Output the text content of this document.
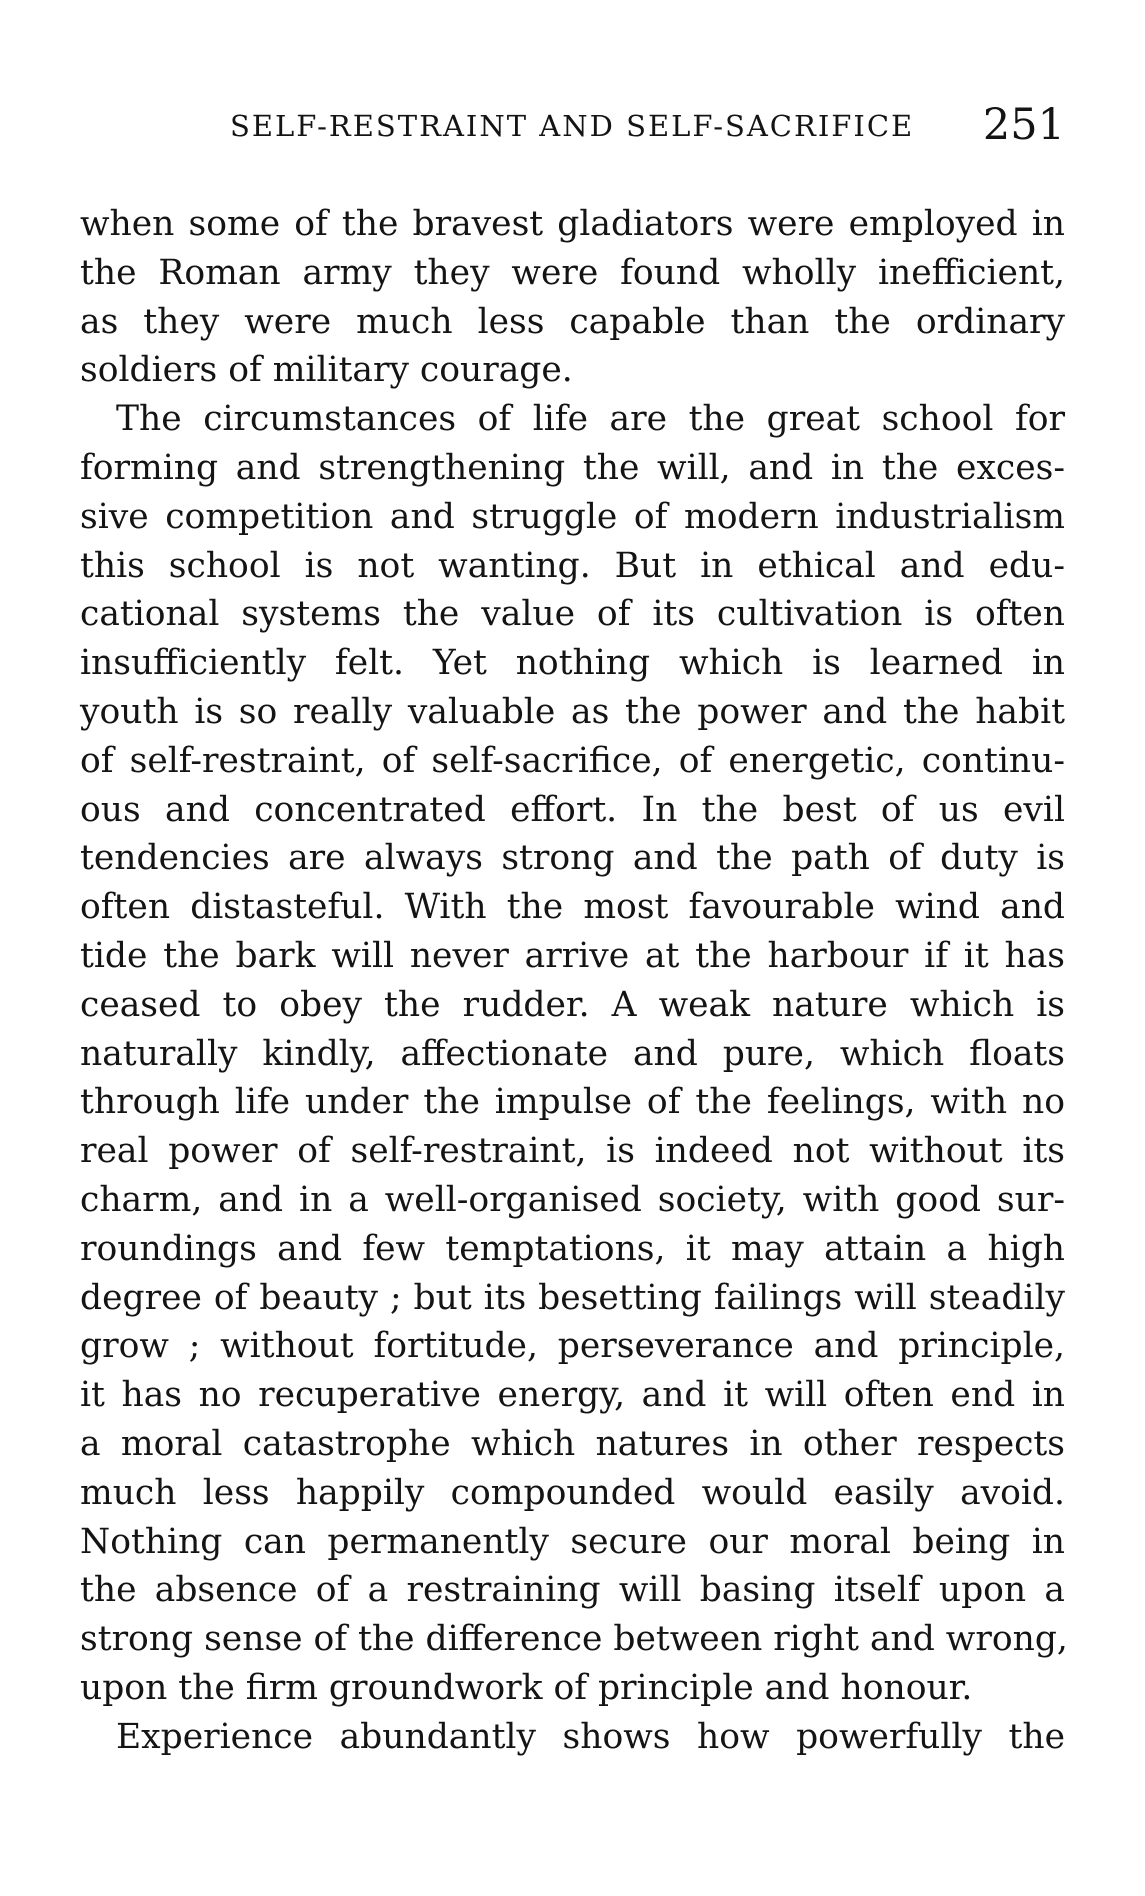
SELF-RESTRAINT AND SELF-SACRIFICE 251

when some of the bravest gladiators were employed in
the Roman army they were found wholly inefficient,
as they were much less capable than the ordinary
soldiers of military courage.

The circumstances of life are the great school for
forming and strengthening the will, and in the exces-
sive competition and struggle of modern industrialism
this school is not wanting. But in ethical and edu-
cational systems the value of its cultivation is often
insufficiently felt. Yet nothing which is learned in
youth is so really valuable as the power and the habit
of self-restraint, of self-sacrifice, of energetic, continu-
ous and concentrated effort. In the best of us evil
tendencies are always strong and the path of duty is
often distasteful. With the most favourable wind and
tide the bark will never arrive at the harbour if it has
ceased to obey the rudder. A weak nature which is
naturally kindly, affectionate and pure, which floats
through life under the impulse of the feelings, with no
real power of self-restraint, is indeed not without its
charm, and in a well-organised society, with good sur-
roundings and few temptations, it may attain a high
degree of beauty ; but its besetting failings will steadily
grow ; without fortitude, perseverance and principle,
it has no recuperative energy, and it will often end in
a moral catastrophe which natures in other respects
much less happily compounded would easily avoid.
Nothing can permanently secure our moral being in
the absence of a restraining will basing itself upon a
strong sense of the difference between right and wrong,
upon the firm groundwork of principle and honour.

Experience abundantly shows how powerfully the
